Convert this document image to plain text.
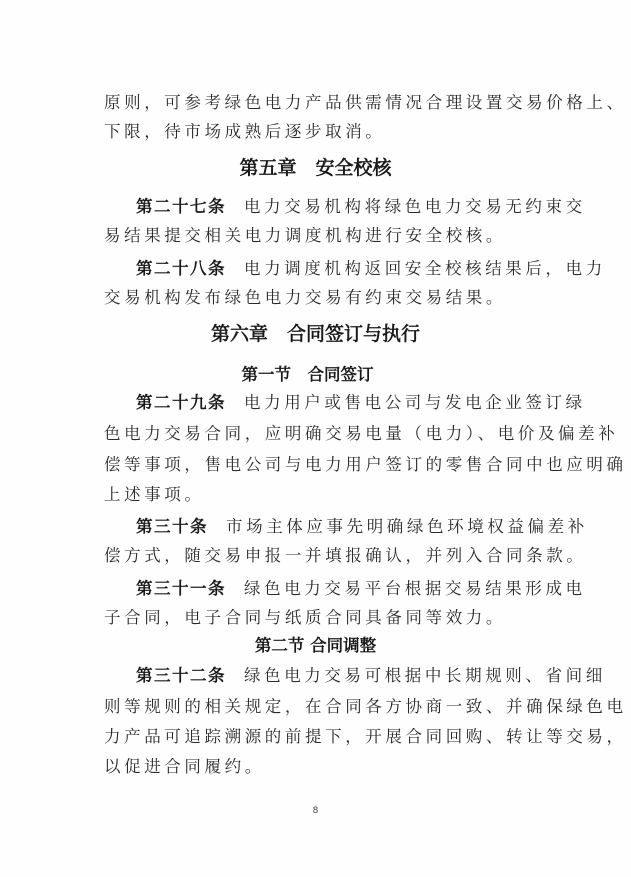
原则，可参考绿色电力产品供需情况合理设置交易价格上、
下限，待市场成熟后逐步取消。
第五章　安全校核
第二十七条 电力交易机构将绿色电力交易无约束交
易结果提交相关电力调度机构进行安全校核。
第二十八条 电力调度机构返回安全校核结果后，电力
交易机构发布绿色电力交易有约束交易结果。
第六章　合同签订与执行
第一节　合同签订
第二十九条 电力用户或售电公司与发电企业签订绿
色电力交易合同，应明确交易电量（电力）、电价及偏差补
偿等事项，售电公司与电力用户签订的零售合同中也应明确
上述事项。
第三十条 市场主体应事先明确绿色环境权益偏差补
偿方式，随交易申报一并填报确认，并列入合同条款。
第三十一条 绿色电力交易平台根据交易结果形成电
子合同，电子合同与纸质合同具备同等效力。
第二节 合同调整
第三十二条 绿色电力交易可根据中长期规则、省间细
则等规则的相关规定，在合同各方协商一致、并确保绿色电
力产品可追踪溯源的前提下，开展合同回购、转让等交易，
以促进合同履约。
8
